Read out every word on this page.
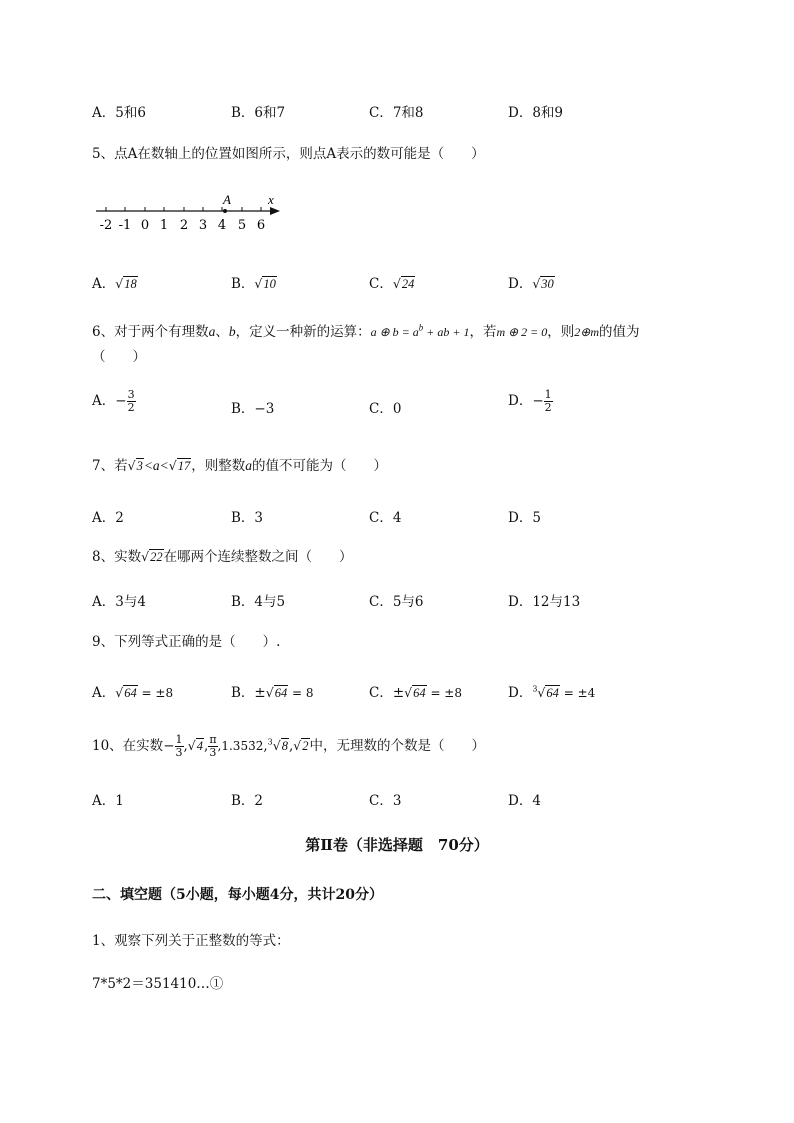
A．5和6	B．6和7	C．7和8	D．8和9
5、点A在数轴上的位置如图所示，则点A表示的数可能是（　　）
-2 -1 0 1 2 3 4 5 6
A	x
A．√18	B．√10	C．√24	D．√30
6、对于两个有理数a、b，定义一种新的运算：a ⊕ $b = a^b$ + ab + 1，若m ⊕ 2 = 0，则2⊕m的值为
（　　）
A．− $\frac{3}{2}$	B．−3	C．0	D．− $\frac{1}{2}$
7、若√3<a<√17，则整数a的值不可能为（　　）
A．2	B．3	C．4	D．5
8、实数√22在哪两个连续整数之间（　　）
A．3与4	B．4与5	C．5与6	D．12与13
9、下列等式正确的是（　　）.
A．√64 = ±8	B．±√64 = 8	C．±√64 = ±8	D．$^3$√64 = ±4
10、在实数− $\frac{1}{3} ,√4$, $\frac{\pi}{3}$ ,1.353̇2̇,$^3$√8,√2中，无理数的个数是（　　）
A．1	B．2	C．3	D．4
第Ⅱ卷（非选择题　70分）
二、填空题（5小题，每小题4分，共计20分）
1、观察下列关于正整数的等式：
7*5*2＝351410…①
